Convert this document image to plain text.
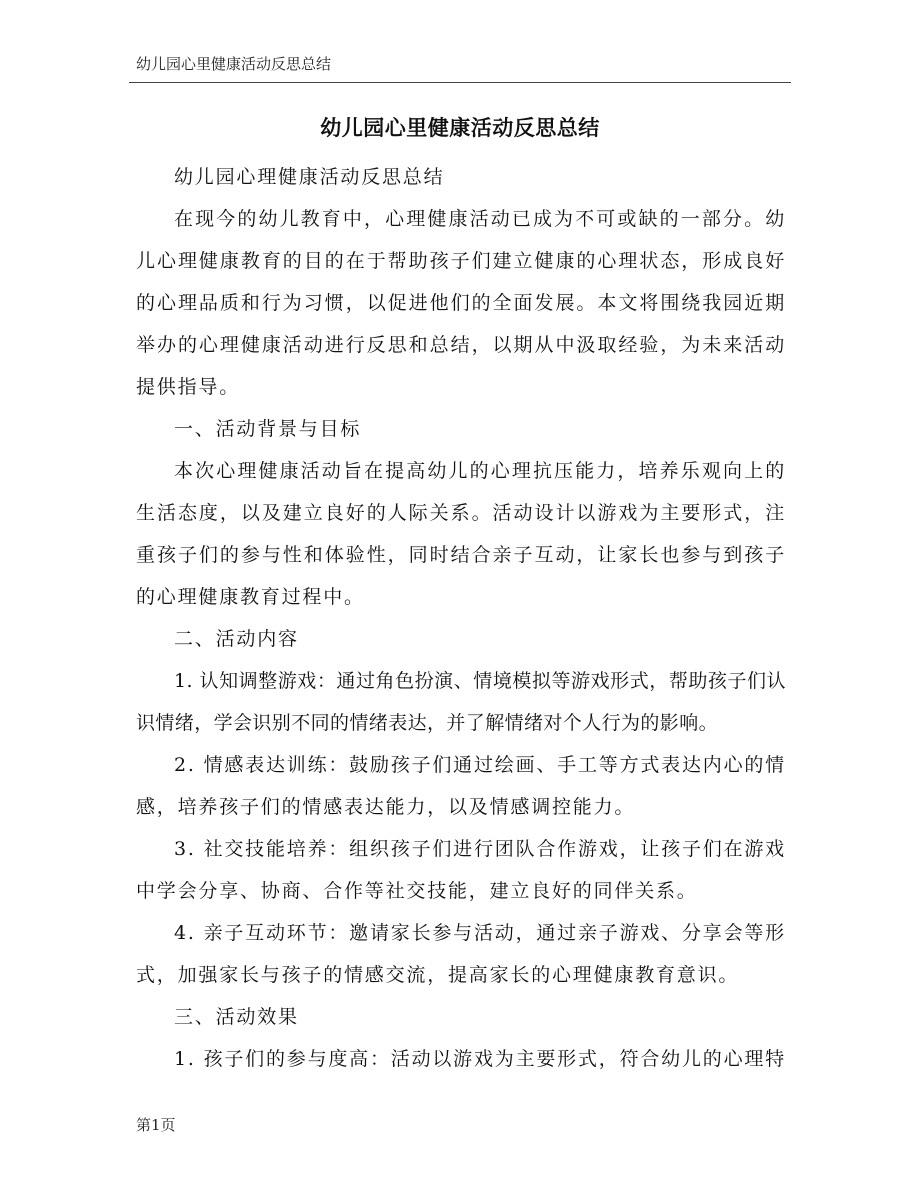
幼儿园心里健康活动反思总结
幼儿园心里健康活动反思总结

幼儿园心理健康活动反思总结

在现今的幼儿教育中，心理健康活动已成为不可或缺的一部分。幼儿心理健康教育的目的在于帮助孩子们建立健康的心理状态，形成良好的心理品质和行为习惯，以促进他们的全面发展。本文将围绕我园近期举办的心理健康活动进行反思和总结，以期从中汲取经验，为未来活动提供指导。

一、活动背景与目标

本次心理健康活动旨在提高幼儿的心理抗压能力，培养乐观向上的生活态度，以及建立良好的人际关系。活动设计以游戏为主要形式，注重孩子们的参与性和体验性，同时结合亲子互动，让家长也参与到孩子的心理健康教育过程中。

二、活动内容

1. 认知调整游戏：通过角色扮演、情境模拟等游戏形式，帮助孩子们认识情绪，学会识别不同的情绪表达，并了解情绪对个人行为的影响。

2. 情感表达训练：鼓励孩子们通过绘画、手工等方式表达内心的情感，培养孩子们的情感表达能力，以及情感调控能力。

3. 社交技能培养：组织孩子们进行团队合作游戏，让孩子们在游戏中学会分享、协商、合作等社交技能，建立良好的同伴关系。

4. 亲子互动环节：邀请家长参与活动，通过亲子游戏、分享会等形式，加强家长与孩子的情感交流，提高家长的心理健康教育意识。

三、活动效果

1. 孩子们的参与度高：活动以游戏为主要形式，符合幼儿的心理特

第1页
